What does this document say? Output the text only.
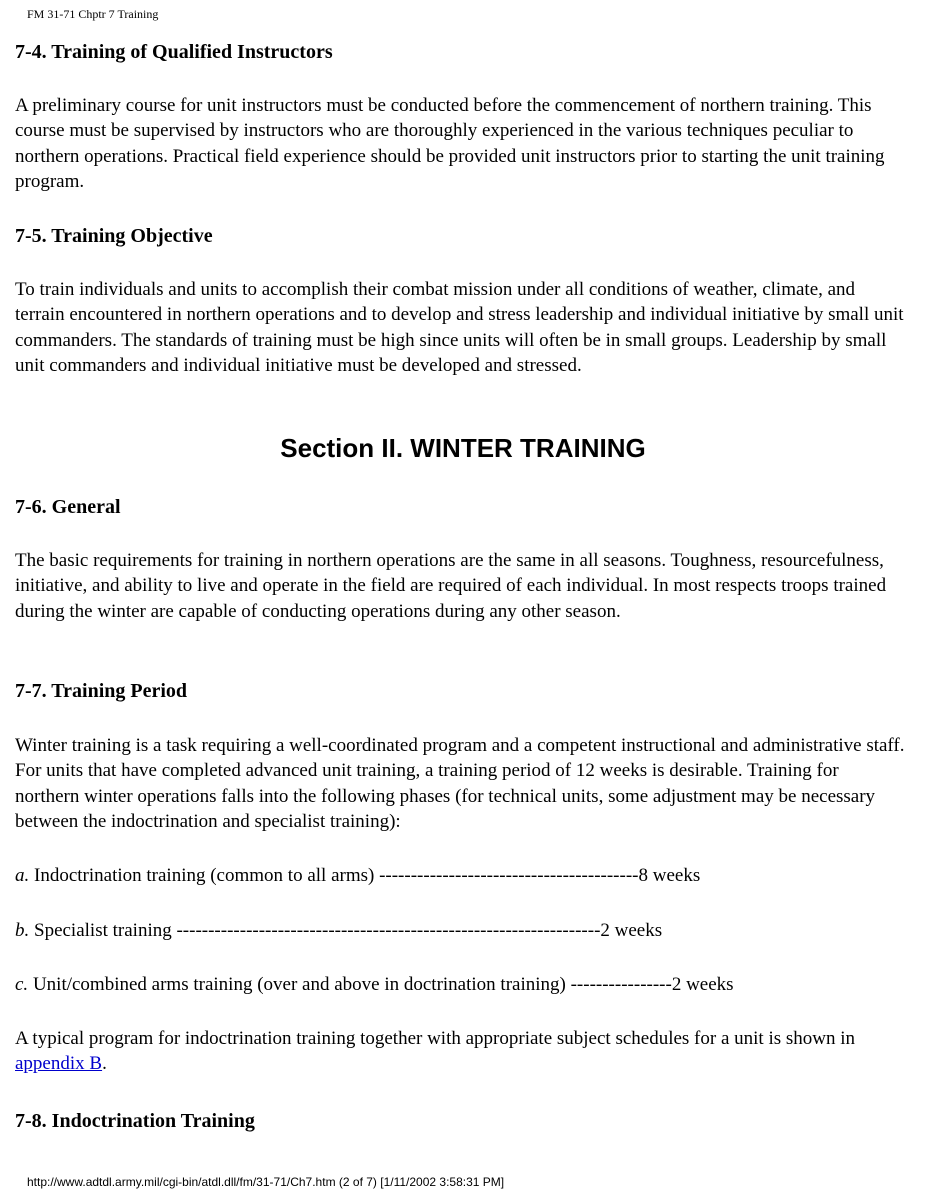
FM 31-71 Chptr 7 Training
7-4. Training of Qualified Instructors

A preliminary course for unit instructors must be conducted before the commencement of northern training. This course must be supervised by instructors who are thoroughly experienced in the various techniques peculiar to northern operations. Practical field experience should be provided unit instructors prior to starting the unit training program.

7-5. Training Objective

To train individuals and units to accomplish their combat mission under all conditions of weather, climate, and terrain encountered in northern operations and to develop and stress leadership and individual initiative by small unit commanders. The standards of training must be high since units will often be in small groups. Leadership by small unit commanders and individual initiative must be developed and stressed.

Section II. WINTER TRAINING
7-6. General

The basic requirements for training in northern operations are the same in all seasons. Toughness, resourcefulness, initiative, and ability to live and operate in the field are required of each individual. In most respects troops trained during the winter are capable of conducting operations during any other season.

7-7. Training Period

Winter training is a task requiring a well-coordinated program and a competent instructional and administrative staff. For units that have completed advanced unit training, a training period of 12 weeks is desirable. Training for northern winter operations falls into the following phases (for technical units, some adjustment may be necessary between the indoctrination and specialist training):

a. Indoctrination training (common to all arms) -----------------------------------------8 weeks

b. Specialist training -------------------------------------------------------------------2 weeks

c. Unit/combined arms training (over and above in doctrination training) ----------------2 weeks

A typical program for indoctrination training together with appropriate subject schedules for a unit is shown in appendix B.

7-8. Indoctrination Training
http://www.adtdl.army.mil/cgi-bin/atdl.dll/fm/31-71/Ch7.htm (2 of 7) [1/11/2002 3:58:31 PM]
